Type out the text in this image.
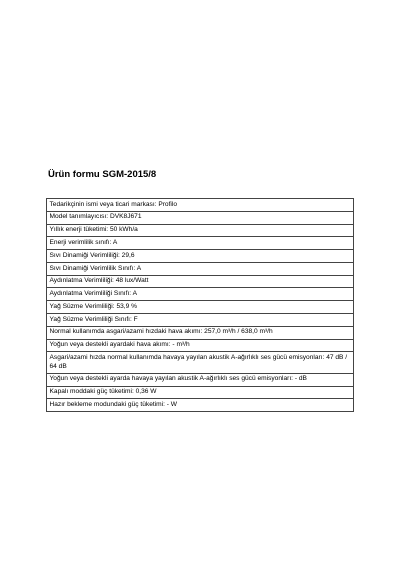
Ürün formu SGM-2015/8
Tedarikçinin ismi veya ticari markası: Profilo
Model tanımlayıcısı: DVK8J671
Yıllık enerji tüketimi: 50 kWh/a
Enerji verimlilik sınıfı: A
Sıvı Dinamiği Verimliliği: 29,6
Sıvı Dinamiği Verimlilik Sınıfı: A
Aydınlatma Verimliliği: 48 lux/Watt
Aydınlatma Verimliliği Sınıfı: A
Yağ Süzme Verimliliği: 53,9 %
Yağ Süzme Verimliliği Sınıfı: F
Normal kullanımda asgari/azami hızdaki hava akımı: 257,0 m³/h / 638,0 m³/h
Yoğun veya destekli ayardaki hava akımı: - m³/h
Asgari/azami hızda normal kullanımda havaya yayılan akustik A-ağırlıklı ses gücü emisyonları: 47 dB / 64 dB
Yoğun veya destekli ayarda havaya yayılan akustik A-ağırlıklı ses gücü emisyonları: - dB
Kapalı moddaki güç tüketimi: 0,36 W
Hazır bekleme modundaki güç tüketimi: - W
